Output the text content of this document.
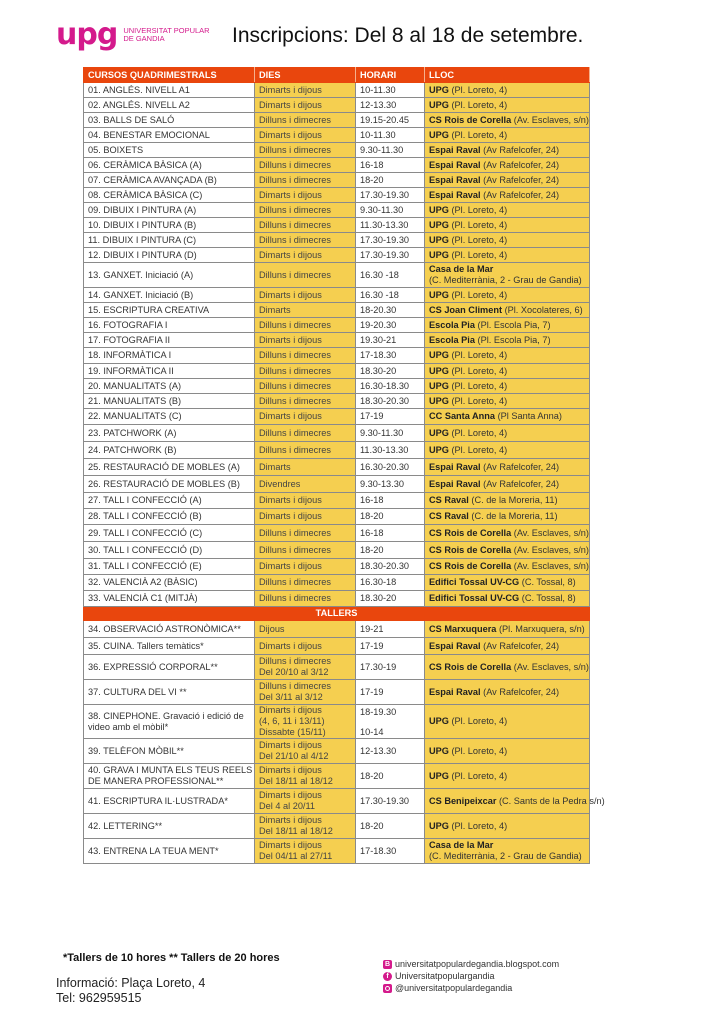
upg UNIVERSITAT POPULAR
DE GANDIA	Inscripcions: Del 8 al 18 de setembre.
CURSOS QUADRIMESTRALS	DIES	HORARI	LLOC
01. ANGLÉS. NIVELL A1	Dimarts i dijous	10-11.30	UPG (Pl. Loreto, 4)
02. ANGLÉS. NIVELL A2	Dimarts i dijous	12-13.30	UPG (Pl. Loreto, 4)
03. BALLS DE SALÓ	Dilluns i dimecres	19.15-20.45	CS Rois de Corella (Av. Esclaves, s/n)
04. BENESTAR EMOCIONAL	Dimarts i dijous	10-11.30	UPG (Pl. Loreto, 4)
05. BOIXETS	Dilluns i dimecres	9.30-11.30	Espai Raval (Av Rafelcofer, 24)
06. CERÀMICA BÀSICA (A)	Dilluns i dimecres	16-18	Espai Raval (Av Rafelcofer, 24)
07. CERÀMICA AVANÇADA (B)	Dilluns i dimecres	18-20	Espai Raval (Av Rafelcofer, 24)
08. CERÀMICA BÀSICA (C)	Dimarts i dijous	17.30-19.30	Espai Raval (Av Rafelcofer, 24)
09. DIBUIX I PINTURA (A)	Dilluns i dimecres	9.30-11.30	UPG (Pl. Loreto, 4)
10. DIBUIX I PINTURA (B)	Dilluns i dimecres	11.30-13.30	UPG (Pl. Loreto, 4)
11. DIBUIX I PINTURA (C)	Dilluns i dimecres	17.30-19.30	UPG (Pl. Loreto, 4)
12. DIBUIX I PINTURA (D)	Dimarts i dijous	17.30-19.30	UPG (Pl. Loreto, 4)
13. GANXET. Iniciació (A)	Dilluns i dimecres	16.30 -18	Casa de la Mar
(C. Mediterrània, 2 - Grau de Gandia)
14. GANXET. Iniciació (B)	Dimarts i dijous	16.30 -18	UPG (Pl. Loreto, 4)
15. ESCRIPTURA CREATIVA	Dimarts	18-20.30	CS Joan Climent (Pl. Xocolateres, 6)
16. FOTOGRAFIA I	Dilluns i dimecres	19-20.30	Escola Pia (Pl. Escola Pia, 7)
17. FOTOGRAFIA II	Dimarts i dijous	19.30-21	Escola Pia (Pl. Escola Pia, 7)
18. INFORMÀTICA I	Dilluns i dimecres	17-18.30	UPG (Pl. Loreto, 4)
19. INFORMÀTICA II	Dilluns i dimecres	18.30-20	UPG (Pl. Loreto, 4)
20. MANUALITATS (A)	Dilluns i dimecres	16.30-18.30	UPG (Pl. Loreto, 4)
21. MANUALITATS (B)	Dilluns i dimecres	18.30-20.30	UPG (Pl. Loreto, 4)
22. MANUALITATS (C)	Dimarts i dijous	17-19	CC Santa Anna (Pl Santa Anna)
23. PATCHWORK (A)	Dilluns i dimecres	9.30-11.30	UPG (Pl. Loreto, 4)
24. PATCHWORK (B)	Dilluns i dimecres	11.30-13.30	UPG (Pl. Loreto, 4)
25. RESTAURACIÓ DE MOBLES (A)	Dimarts	16.30-20.30	Espai Raval (Av Rafelcofer, 24)
26. RESTAURACIÓ DE MOBLES (B)	Divendres	9.30-13.30	Espai Raval (Av Rafelcofer, 24)
27. TALL I CONFECCIÓ (A)	Dimarts i dijous	16-18	CS Raval (C. de la Moreria, 11)
28. TALL I CONFECCIÓ (B)	Dimarts i dijous	18-20	CS Raval (C. de la Moreria, 11)
29. TALL I CONFECCIÓ (C)	Dilluns i dimecres	16-18	CS Rois de Corella (Av. Esclaves, s/n)
30. TALL I CONFECCIÓ (D)	Dilluns i dimecres	18-20	CS Rois de Corella (Av. Esclaves, s/n)
31. TALL I CONFECCIÓ (E)	Dimarts i dijous	18.30-20.30	CS Rois de Corella (Av. Esclaves, s/n)
32. VALENCIÀ A2 (BÀSIC)	Dilluns i dimecres	16.30-18	Edifici Tossal UV-CG (C. Tossal, 8)
33. VALENCIÀ C1 (MITJÀ)	Dilluns i dimecres	18.30-20	Edifici Tossal UV-CG (C. Tossal, 8)
TALLERS			
34. OBSERVACIÓ ASTRONÒMICA**	Dijous	19-21	CS Marxuquera (Pl. Marxuquera, s/n)
35. CUINA. Tallers temàtics*	Dimarts i dijous	17-19	Espai Raval (Av Rafelcofer, 24)
36. EXPRESSIÓ CORPORAL**	Dilluns i dimecres
Del 20/10 al 3/12	17.30-19	CS Rois de Corella (Av. Esclaves, s/n)
37. CULTURA DEL VI **	Dilluns i dimecres
Del 3/11 al 3/12	17-19	Espai Raval (Av Rafelcofer, 24)
38. CINEPHONE. Gravació i edició de
video amb el mòbil*	Dimarts i dijous
(4, 6, 11 i 13/11)
Dissabte (15/11)	18-19.30

10-14	UPG (Pl. Loreto, 4)
39. TELÈFON MÒBIL**	Dimarts i dijous
Del 21/10 al 4/12	12-13.30	UPG (Pl. Loreto, 4)
40. GRAVA I MUNTA ELS TEUS REELS
DE MANERA PROFESSIONAL**	Dimarts i dijous
Del 18/11 al 18/12	18-20	UPG (Pl. Loreto, 4)
41. ESCRIPTURA IL·LUSTRADA*	Dimarts i dijous
Del 4 al 20/11	17.30-19.30	CS Benipeixcar (C. Sants de la Pedra s/n)
42. LETTERING**	Dimarts i dijous
Del 18/11 al 18/12	18-20	UPG (Pl. Loreto, 4)
43. ENTRENA LA TEUA MENT*	Dimarts i dijous
Del 04/11 al 27/11	17-18.30	Casa de la Mar
(C. Mediterrània, 2 - Grau de Gandia)
*Tallers de 10 hores ** Tallers de 20 hores
Informació: Plaça Loreto, 4
Tel: 962959515
B universitatpopulardegandia.blogspot.com
f Universitatpopulargandia
@universitatpopulardegandia
